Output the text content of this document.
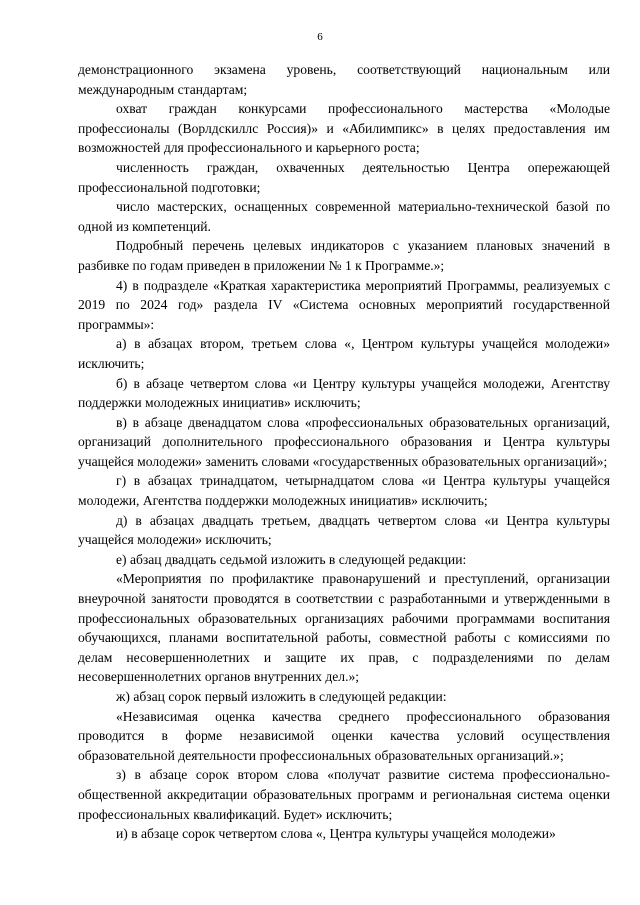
6

демонстрационного экзамена уровень, соответствующий национальным или международным стандартам;

охват граждан конкурсами профессионального мастерства «Молодые профессионалы (Ворлдскиллс Россия)» и «Абилимпикс» в целях предоставления им возможностей для профессионального и карьерного роста;

численность граждан, охваченных деятельностью Центра опережающей профессиональной подготовки;

число мастерских, оснащенных современной материально-технической базой по одной из компетенций.

Подробный перечень целевых индикаторов с указанием плановых значений в разбивке по годам приведен в приложении № 1 к Программе.»;

4) в подразделе «Краткая характеристика мероприятий Программы, реализуемых с 2019 по 2024 год» раздела IV «Система основных мероприятий государственной программы»:

а) в абзацах втором, третьем слова «, Центром культуры учащейся молодежи» исключить;

б) в абзаце четвертом слова «и Центру культуры учащейся молодежи, Агентству поддержки молодежных инициатив» исключить;

в) в абзаце двенадцатом слова «профессиональных образовательных организаций, организаций дополнительного профессионального образования и Центра культуры учащейся молодежи» заменить словами «государственных образовательных организаций»;

г) в абзацах тринадцатом, четырнадцатом слова «и Центра культуры учащейся молодежи, Агентства поддержки молодежных инициатив» исключить;

д) в абзацах двадцать третьем, двадцать четвертом слова «и Центра культуры учащейся молодежи» исключить;

е) абзац двадцать седьмой изложить в следующей редакции:

«Мероприятия по профилактике правонарушений и преступлений, организации внеурочной занятости проводятся в соответствии с разработанными и утвержденными в профессиональных образовательных организациях рабочими программами воспитания обучающихся, планами воспитательной работы, совместной работы с комиссиями по делам несовершеннолетних и защите их прав, с подразделениями по делам несовершеннолетних органов внутренних дел.»;

ж) абзац сорок первый изложить в следующей редакции:

«Независимая оценка качества среднего профессионального образования проводится в форме независимой оценки качества условий осуществления образовательной деятельности профессиональных образовательных организаций.»;

з) в абзаце сорок втором слова «получат развитие система профессионально-общественной аккредитации образовательных программ и региональная система оценки профессиональных квалификаций. Будет» исключить;

и) в абзаце сорок четвертом слова «, Центра культуры учащейся молодежи»
